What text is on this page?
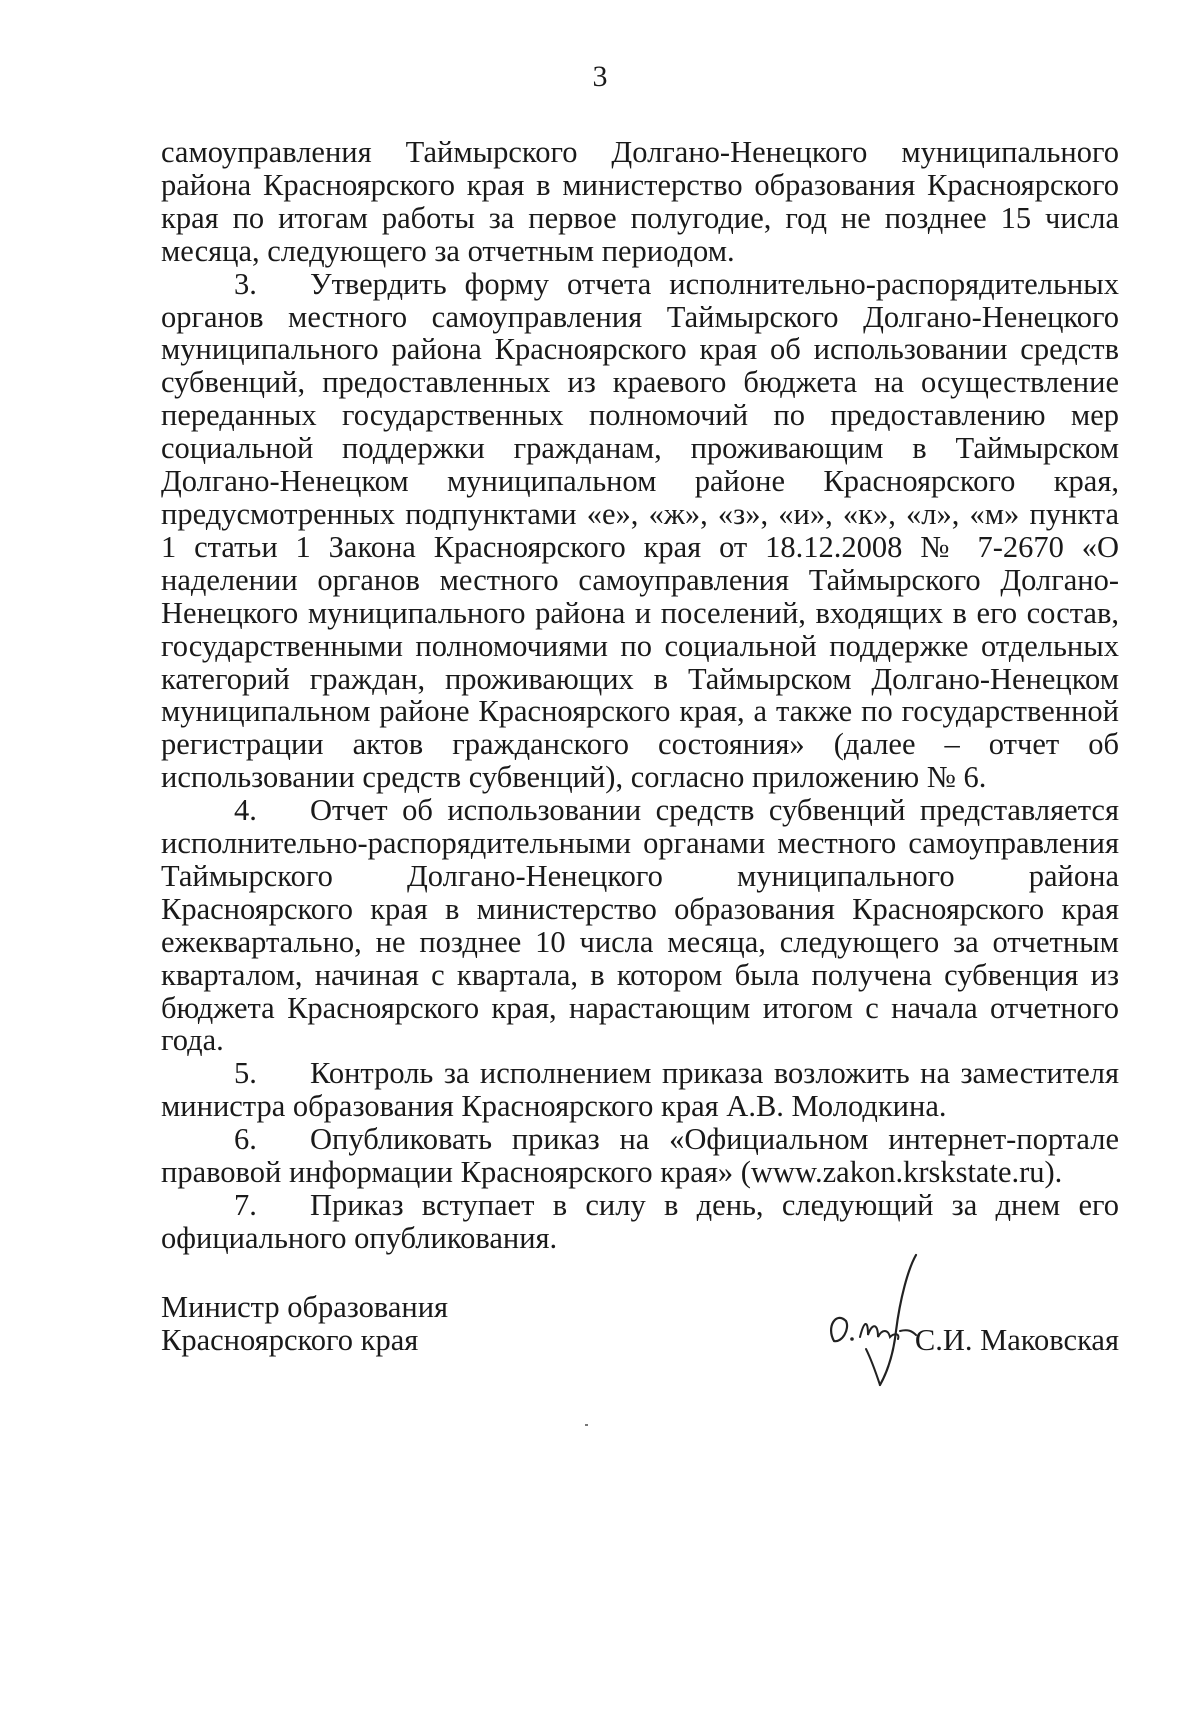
3

самоуправления Таймырского Долгано-Ненецкого муниципального района Красноярского края в министерство образования Красноярского края по итогам работы за первое полугодие, год не позднее 15 числа месяца, следующего за отчетным периодом.

3. Утвердить форму отчета исполнительно-распорядительных органов местного самоуправления Таймырского Долгано-Ненецкого муниципального района Красноярского края об использовании средств субвенций, предоставленных из краевого бюджета на осуществление переданных государственных полномочий по предоставлению мер социальной поддержки гражданам, проживающим в Таймырском Долгано-Ненецком муниципальном районе Красноярского края, предусмотренных подпунктами «е», «ж», «з», «и», «к», «л», «м» пункта 1 статьи 1 Закона Красноярского края от 18.12.2008 № 7-2670 «О наделении органов местного самоуправления Таймырского Долгано-Ненецкого муниципального района и поселений, входящих в его состав, государственными полномочиями по социальной поддержке отдельных категорий граждан, проживающих в Таймырском Долгано-Ненецком муниципальном районе Красноярского края, а также по государственной регистрации актов гражданского состояния» (далее – отчет об использовании средств субвенций), согласно приложению № 6.

4. Отчет об использовании средств субвенций представляется исполнительно-распорядительными органами местного самоуправления Таймырского Долгано-Ненецкого муниципального района Красноярского края в министерство образования Красноярского края ежеквартально, не позднее 10 числа месяца, следующего за отчетным кварталом, начиная с квартала, в котором была получена субвенция из бюджета Красноярского края, нарастающим итогом с начала отчетного года.

5. Контроль за исполнением приказа возложить на заместителя министра образования Красноярского края А.В. Молодкина.

6. Опубликовать приказ на «Официальном интернет-портале правовой информации Красноярского края» (www.zakon.krskstate.ru).

7. Приказ вступает в силу в день, следующий за днем его официального опубликования.

Министр образования
Красноярского края	С.И. Маковская
